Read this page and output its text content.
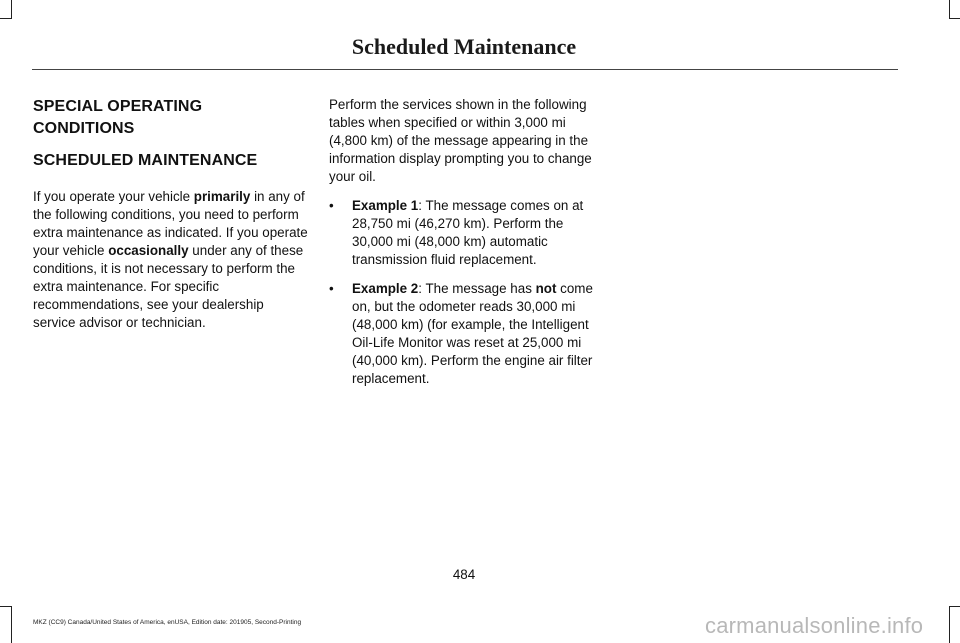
Scheduled Maintenance
SPECIAL OPERATING CONDITIONS
SCHEDULED MAINTENANCE

If you operate your vehicle primarily in any of the following conditions, you need to perform extra maintenance as indicated. If you operate your vehicle occasionally under any of these conditions, it is not necessary to perform the extra maintenance. For specific recommendations, see your dealership service advisor or technician.

Perform the services shown in the following tables when specified or within 3,000 mi (4,800 km) of the message appearing in the information display prompting you to change your oil.

• Example 1: The message comes on at 28,750 mi (46,270 km). Perform the 30,000 mi (48,000 km) automatic transmission fluid replacement.
• Example 2: The message has not come on, but the odometer reads 30,000 mi (48,000 km) (for example, the Intelligent Oil-Life Monitor was reset at 25,000 mi (40,000 km). Perform the engine air filter replacement.
484
MKZ (CC9) Canada/United States of America, enUSA, Edition date: 201905, Second-Printing	carmanualsonline.info
